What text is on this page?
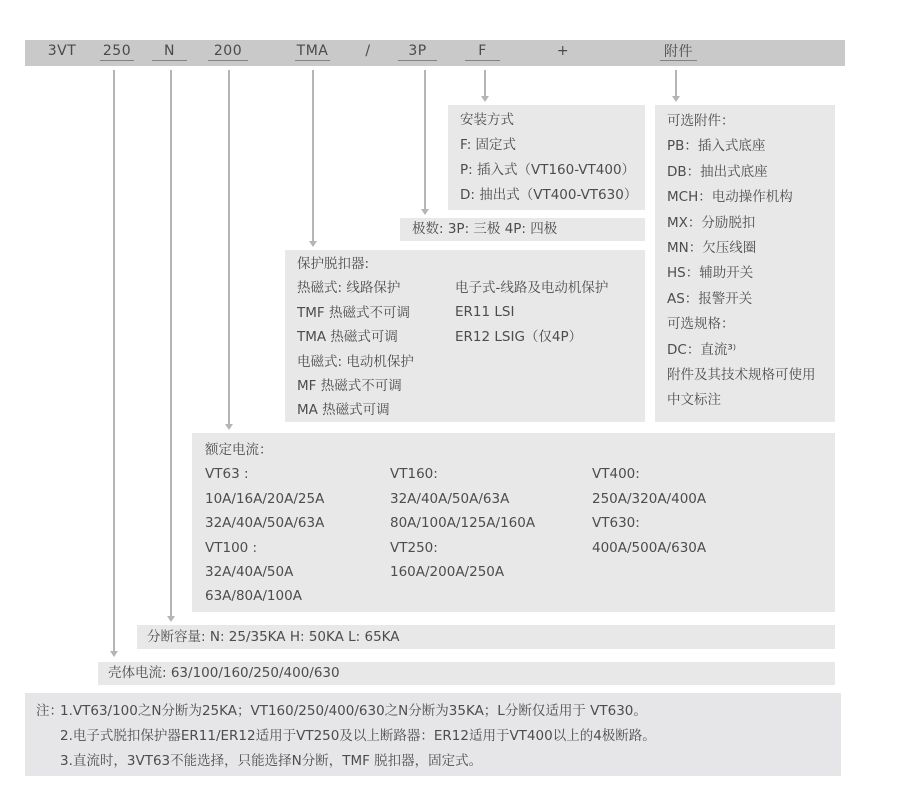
3VT	250	N	200	TMA	/	3P	F	+	附件
安装方式
F: 固定式
P: 插入式（VT160-VT400）
D: 抽出式（VT400-VT630）
可选附件：
PB：插入式底座
DB：抽出式底座
MCH：电动操作机构
MX：分励脱扣
MN：欠压线圈
HS：辅助开关
AS：报警开关
可选规格：
DC：直流³⁾
附件及其技术规格可使用
中文标注
极数: 3P: 三极 4P: 四极
保护脱扣器:
热磁式: 线路保护
TMF 热磁式不可调
TMA 热磁式可调
电磁式: 电动机保护
MF 热磁式不可调
MA 热磁式可调
电子式-线路及电动机保护
ER11 LSI
ER12 LSIG（仅4P）
额定电流：
VT63 :
10A/16A/20A/25A
32A/40A/50A/63A
VT100 :
32A/40A/50A
63A/80A/100A
VT160:
32A/40A/50A/63A
80A/100A/125A/160A
VT250:
160A/200A/250A
VT400:
250A/320A/400A
VT630:
400A/500A/630A
分断容量: N: 25/35KA H: 50KA L: 65KA
壳体电流: 63/100/160/250/400/630
注：1.VT63/100之N分断为25KA；VT160/250/400/630之N分断为35KA；L分断仅适用于 VT630。
2.电子式脱扣保护器ER11/ER12适用于VT250及以上断路器：ER12适用于VT400以上的4极断路。
3.直流时，3VT63不能选择，只能选择N分断，TMF 脱扣器，固定式。
